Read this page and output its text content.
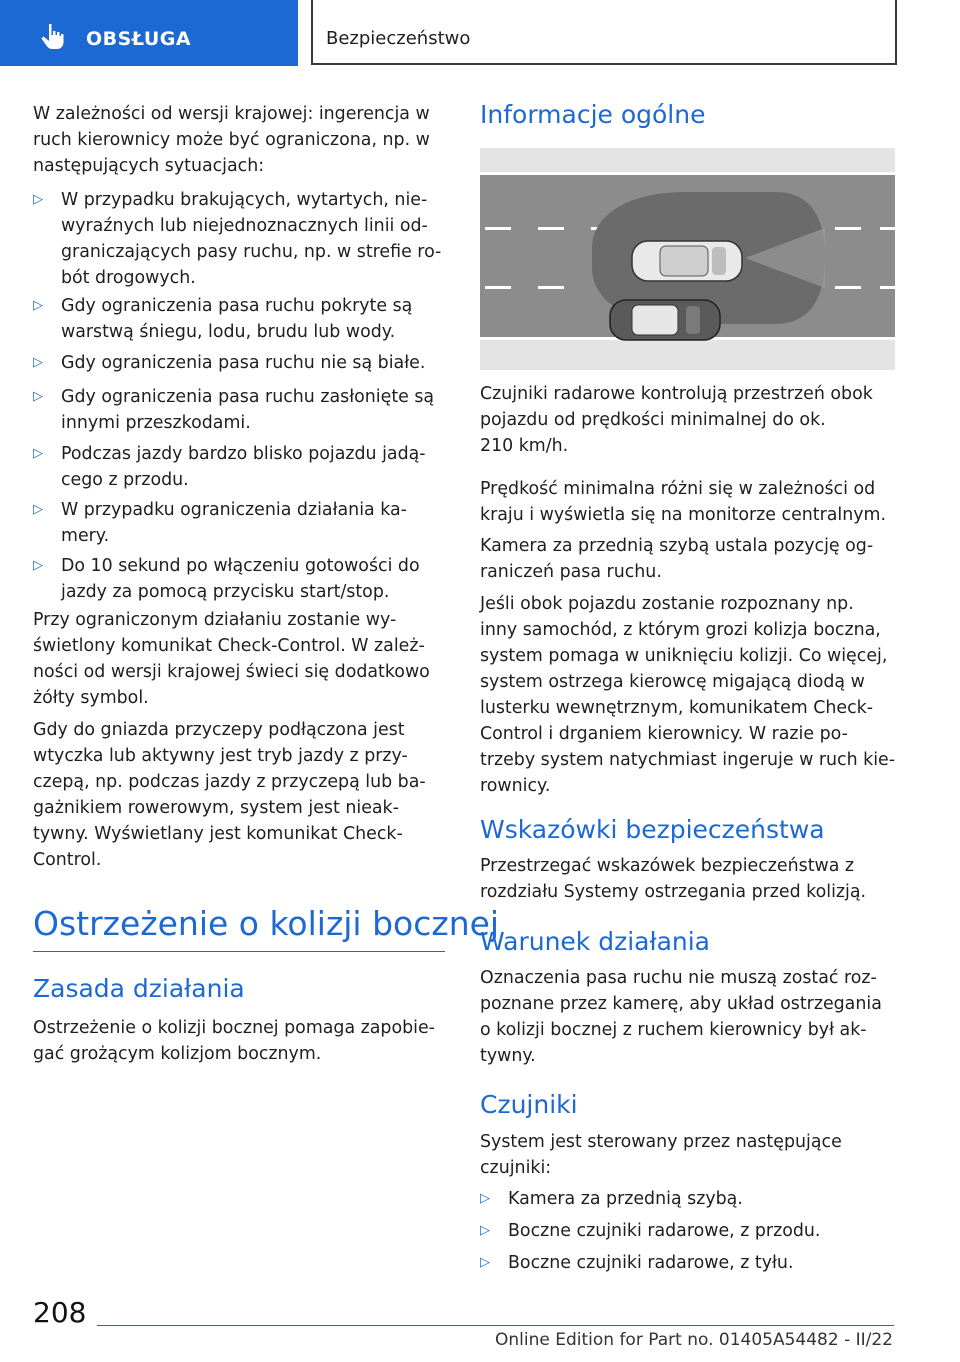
OBSŁUGA	Bezpieczeństwo

W zależności od wersji krajowej: ingerencja w

ruch kierownicy może być ograniczona, np. w

następujących sytuacjach:

▷ W przypadku brakujących, wytartych, nie-
wyraźnych lub niejednoznacznych linii od-
graniczających pasy ruchu, np. w strefie ro-
bót drogowych.
▷ Gdy ograniczenia pasa ruchu pokryte są
warstwą śniegu, lodu, brudu lub wody.
▷ Gdy ograniczenia pasa ruchu nie są białe.
▷ Gdy ograniczenia pasa ruchu zasłonięte są
innymi przeszkodami.
▷ Podczas jazdy bardzo blisko pojazdu jadą-
cego z przodu.
▷ W przypadku ograniczenia działania ka-
mery.
▷ Do 10 sekund po włączeniu gotowości do
jazdy za pomocą przycisku start/stop.

Przy ograniczonym działaniu zostanie wy-

świetlony komunikat Check-Control. W zależ-

ności od wersji krajowej świeci się dodatkowo

żółty symbol.

Gdy do gniazda przyczepy podłączona jest

wtyczka lub aktywny jest tryb jazdy z przy-

czepą, np. podczas jazdy z przyczepą lub ba-

gażnikiem rowerowym, system jest nieak-

tywny. Wyświetlany jest komunikat Check-

Control.

Ostrzeżenie o kolizji bocznej
Zasada działania

Ostrzeżenie o kolizji bocznej pomaga zapobie-

gać grożącym kolizjom bocznym.

Informacje ogólne

Czujniki radarowe kontrolują przestrzeń obok

pojazdu od prędkości minimalnej do ok.

210 km/h.

Prędkość minimalna różni się w zależności od

kraju i wyświetla się na monitorze centralnym.

Kamera za przednią szybą ustala pozycję og-

raniczeń pasa ruchu.

Jeśli obok pojazdu zostanie rozpoznany np.

inny samochód, z którym grozi kolizja boczna,

system pomaga w uniknięciu kolizji. Co więcej,

system ostrzega kierowcę migającą diodą w

lusterku wewnętrznym, komunikatem Check-

Control i drganiem kierownicy. W razie po-

trzeby system natychmiast ingeruje w ruch kie-

rownicy.

Wskazówki bezpieczeństwa

Przestrzegać wskazówek bezpieczeństwa z

rozdziału Systemy ostrzegania przed kolizją.

Warunek działania

Oznaczenia pasa ruchu nie muszą zostać roz-

poznane przez kamerę, aby układ ostrzegania

o kolizji bocznej z ruchem kierownicy był ak-

tywny.

Czujniki

System jest sterowany przez następujące

czujniki:

▷ Kamera za przednią szybą.
▷ Boczne czujniki radarowe, z przodu.
▷ Boczne czujniki radarowe, z tyłu.
208
Online Edition for Part no. 01405A54482 - II/22
